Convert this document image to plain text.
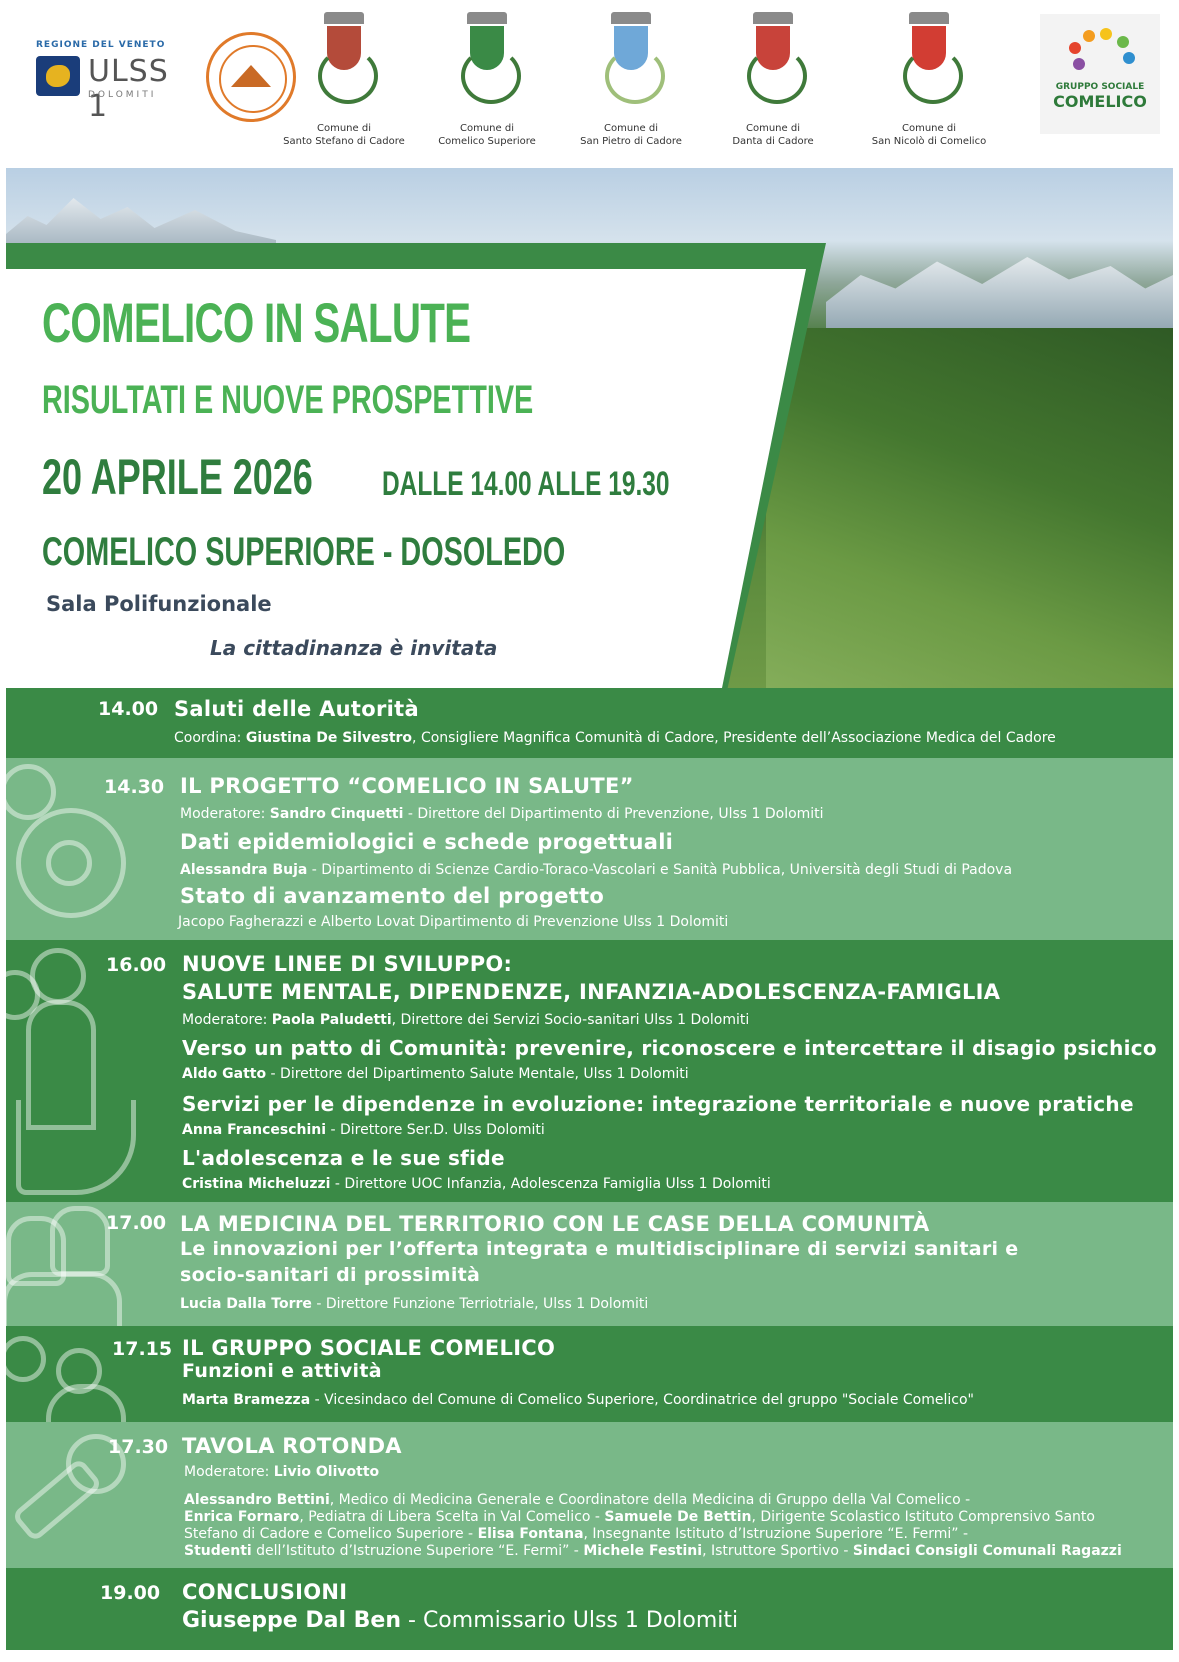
REGIONE DEL VENETO
ULSS 1
DOLOMITI
Comune di
Santo Stefano di Cadore
Comune di
Comelico Superiore
Comune di
San Pietro di Cadore
Comune di
Danta di Cadore
Comune di
San Nicolò di Comelico
GRUPPO SOCIALE
COMELICO
COMELICO IN SALUTE
RISULTATI E NUOVE PROSPETTIVE
20 APRILE 2026 DALLE 14.00 ALLE 19.30
COMELICO SUPERIORE - DOSOLEDO
Sala Polifunzionale
La cittadinanza è invitata
14.00 Saluti delle Autorità
Coordina: Giustina De Silvestro, Consigliere Magnifica Comunità di Cadore, Presidente dell’Associazione Medica del Cadore
14.30 IL PROGETTO “COMELICO IN SALUTE”
Moderatore: Sandro Cinquetti - Direttore del Dipartimento di Prevenzione, Ulss 1 Dolomiti
Dati epidemiologici e schede progettuali
Alessandra Buja - Dipartimento di Scienze Cardio-Toraco-Vascolari e Sanità Pubblica, Università degli Studi di Padova
Stato di avanzamento del progetto
Jacopo Fagherazzi e Alberto Lovat Dipartimento di Prevenzione Ulss 1 Dolomiti
16.00 NUOVE LINEE DI SVILUPPO:
SALUTE MENTALE, DIPENDENZE, INFANZIA-ADOLESCENZA-FAMIGLIA
Moderatore: Paola Paludetti, Direttore dei Servizi Socio-sanitari Ulss 1 Dolomiti
Verso un patto di Comunità: prevenire, riconoscere e intercettare il disagio psichico
Aldo Gatto - Direttore del Dipartimento Salute Mentale, Ulss 1 Dolomiti
Servizi per le dipendenze in evoluzione: integrazione territoriale e nuove pratiche
Anna Franceschini - Direttore Ser.D. Ulss Dolomiti
L'adolescenza e le sue sfide
Cristina Micheluzzi - Direttore UOC Infanzia, Adolescenza Famiglia Ulss 1 Dolomiti
17.00 LA MEDICINA DEL TERRITORIO CON LE CASE DELLA COMUNITÀ
Le innovazioni per l’offerta integrata e multidisciplinare di servizi sanitari e
socio-sanitari di prossimità
Lucia Dalla Torre - Direttore Funzione Terriotriale, Ulss 1 Dolomiti
17.15 IL GRUPPO SOCIALE COMELICO
Funzioni e attività
Marta Bramezza - Vicesindaco del Comune di Comelico Superiore, Coordinatrice del gruppo "Sociale Comelico"
17.30 TAVOLA ROTONDA
Moderatore: Livio Olivotto
Alessandro Bettini, Medico di Medicina Generale e Coordinatore della Medicina di Gruppo della Val Comelico -
Enrica Fornaro, Pediatra di Libera Scelta in Val Comelico - Samuele De Bettin, Dirigente Scolastico Istituto Comprensivo Santo
Stefano di Cadore e Comelico Superiore - Elisa Fontana, Insegnante Istituto d’Istruzione Superiore “E. Fermi” -
Studenti dell’Istituto d’Istruzione Superiore “E. Fermi” - Michele Festini, Istruttore Sportivo - Sindaci Consigli Comunali Ragazzi
19.00 CONCLUSIONI
Giuseppe Dal Ben - Commissario Ulss 1 Dolomiti
